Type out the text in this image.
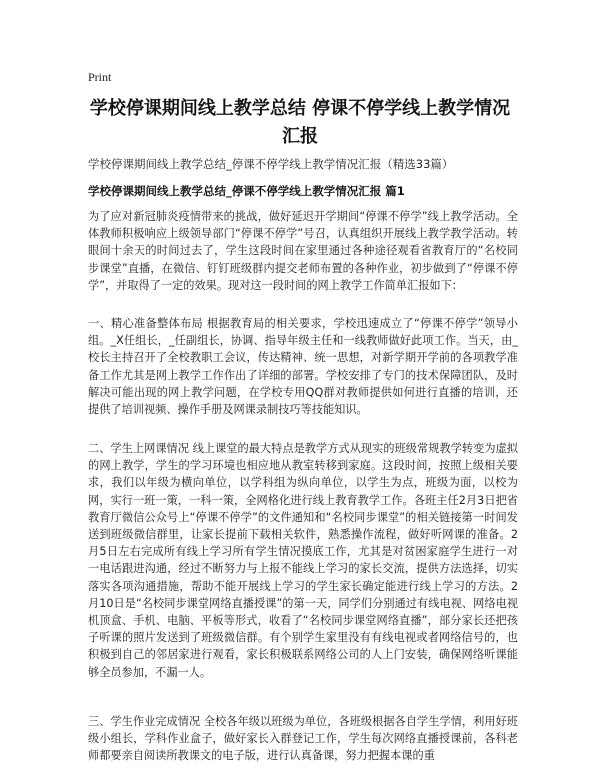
Print
学校停课期间线上教学总结 停课不停学线上教学情况汇报
学校停课期间线上教学总结_停课不停学线上教学情况汇报（精选33篇）
学校停课期间线上教学总结_停课不停学线上教学情况汇报 篇1
为了应对新冠肺炎疫情带来的挑战，做好延迟开学期间“停课不停学”线上教学活动。全体教师积极响应上级领导部门“停课不停学”号召，认真组织开展线上教学教学活动。转眼间十余天的时间过去了，学生这段时间在家里通过各种途径观看省教育厅的“名校同步课堂”直播，在微信、钉钉班级群内提交老师布置的各种作业，初步做到了“停课不停学”，并取得了一定的效果。现对这一段时间的网上教学工作简单汇报如下：
一、精心准备整体布局 根据教育局的相关要求，学校迅速成立了“停课不停学”领导小组。_X任组长，_任副组长，协调、指导年级主任和一线教师做好此项工作。当天，由_校长主持召开了全校教职工会议，传达精神、统一思想，对新学期开学前的各项教学准备工作尤其是网上教学工作作出了详细的部署。学校安排了专门的技术保障团队，及时解决可能出现的网上教学问题，在学校专用QQ群对教师提供如何进行直播的培训，还提供了培训视频、操作手册及网课录制技巧等技能知识。
二、学生上网课情况 线上课堂的最大特点是教学方式从现实的班级常规教学转变为虚拟的网上教学，学生的学习环境也相应地从教室转移到家庭。这段时间，按照上级相关要求，我们以年级为横向单位，以学科组为纵向单位，以学生为点，班级为面，以校为网，实行一班一策，一科一策，全网格化进行线上教育教学工作。各班主任2月3日把省教育厅微信公众号上“停课不停学”的文件通知和“名校同步课堂”的相关链接第一时间发送到班级微信群里，让家长提前下载相关软件，熟悉操作流程，做好听网课的准备。2月5日左右完成所有线上学习所有学生情况摸底工作，尤其是对贫困家庭学生进行一对一电话跟进沟通，经过不断努力与上报不能线上学习的家长交流，提供方法选择，切实落实各项沟通措施，帮助不能开展线上学习的学生家长确定能进行线上学习的方法。2月10日是“名校同步课堂网络直播授课”的第一天，同学们分别通过有线电视、网络电视机顶盒、手机、电脑、平板等形式，收看了“名校同步课堂网络直播”，部分家长还把孩子听课的照片发送到了班级微信群。有个别学生家里没有有线电视或者网络信号的，也积极到自己的邻居家进行观看，家长积极联系网络公司的人上门安装，确保网络听课能够全员参加，不漏一人。
三、学生作业完成情况 全校各年级以班级为单位，各班级根据各自学生学情，利用好班级小组长，学科作业盒子，做好家长入群登记工作，学生每次网络直播授课前，各科老师都要亲自阅读所教课文的电子版，进行认真备课，努力把握本课的重
